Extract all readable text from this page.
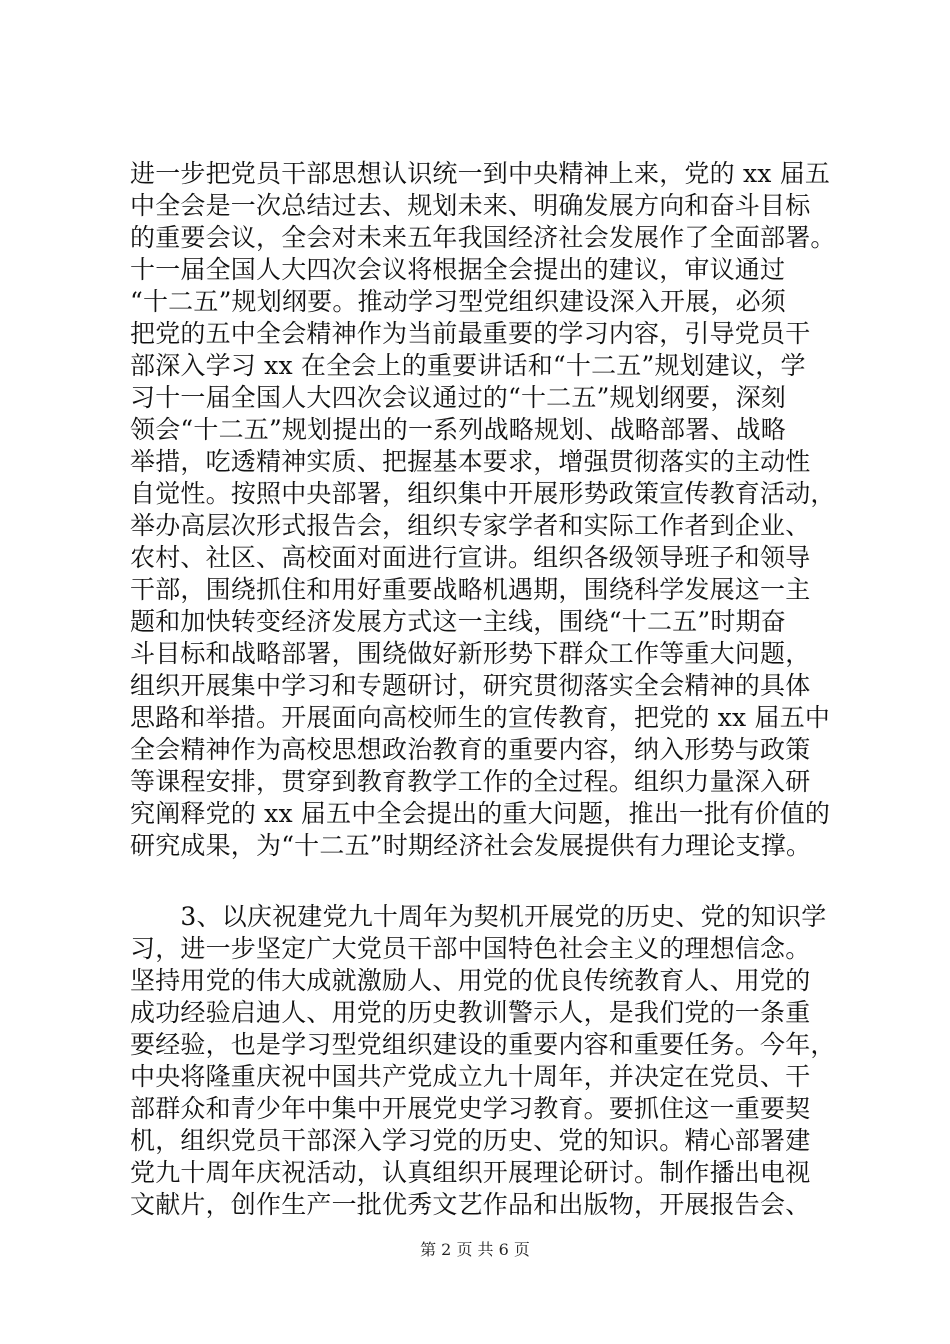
进一步把党员干部思想认识统一到中央精神上来，党的 xx 届五
中全会是一次总结过去、规划未来、明确发展方向和奋斗目标
的重要会议，全会对未来五年我国经济社会发展作了全面部署。
十一届全国人大四次会议将根据全会提出的建议，审议通过
“十二五”规划纲要。推动学习型党组织建设深入开展，必须
把党的五中全会精神作为当前最重要的学习内容，引导党员干
部深入学习 xx 在全会上的重要讲话和“十二五”规划建议，学
习十一届全国人大四次会议通过的“十二五”规划纲要，深刻
领会“十二五”规划提出的一系列战略规划、战略部署、战略
举措，吃透精神实质、把握基本要求，增强贯彻落实的主动性
自觉性。按照中央部署，组织集中开展形势政策宣传教育活动，
举办高层次形式报告会，组织专家学者和实际工作者到企业、
农村、社区、高校面对面进行宣讲。组织各级领导班子和领导
干部，围绕抓住和用好重要战略机遇期，围绕科学发展这一主
题和加快转变经济发展方式这一主线，围绕“十二五”时期奋
斗目标和战略部署，围绕做好新形势下群众工作等重大问题，
组织开展集中学习和专题研讨，研究贯彻落实全会精神的具体
思路和举措。开展面向高校师生的宣传教育，把党的 xx 届五中
全会精神作为高校思想政治教育的重要内容，纳入形势与政策
等课程安排，贯穿到教育教学工作的全过程。组织力量深入研
究阐释党的 xx 届五中全会提出的重大问题，推出一批有价值的
研究成果，为“十二五”时期经济社会发展提供有力理论支撑。
　　3、以庆祝建党九十周年为契机开展党的历史、党的知识学
习，进一步坚定广大党员干部中国特色社会主义的理想信念。
坚持用党的伟大成就激励人、用党的优良传统教育人、用党的
成功经验启迪人、用党的历史教训警示人，是我们党的一条重
要经验，也是学习型党组织建设的重要内容和重要任务。今年，
中央将隆重庆祝中国共产党成立九十周年，并决定在党员、干
部群众和青少年中集中开展党史学习教育。要抓住这一重要契
机，组织党员干部深入学习党的历史、党的知识。精心部署建
党九十周年庆祝活动，认真组织开展理论研讨。制作播出电视
文献片，创作生产一批优秀文艺作品和出版物，开展报告会、
第 2 页 共 6 页
